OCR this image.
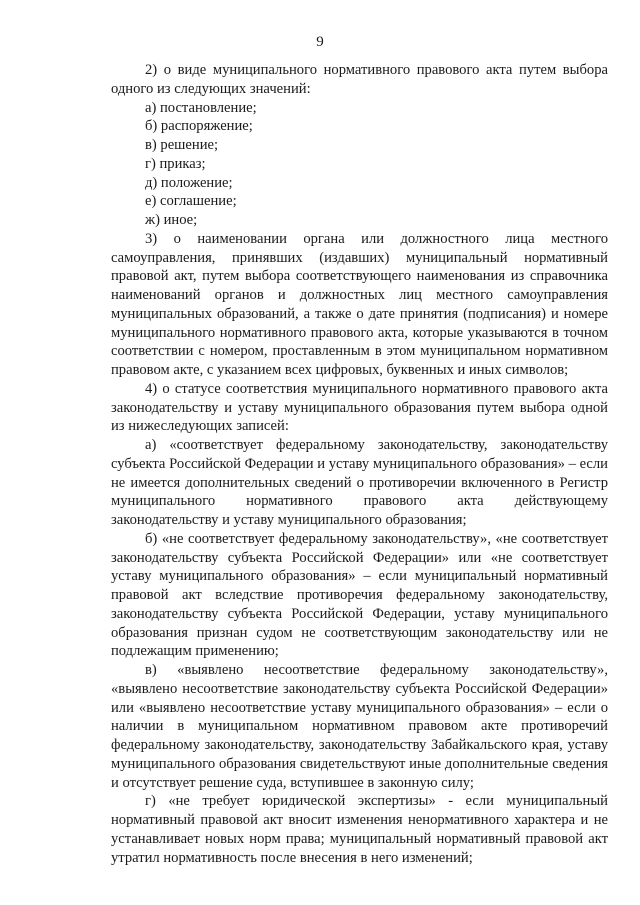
9

2) о виде муниципального нормативного правового акта путем выбора одного из следующих значений:

а) постановление;

б) распоряжение;

в) решение;

г) приказ;

д) положение;

е) соглашение;

ж) иное;

3) о наименовании органа или должностного лица местного самоуправления, принявших (издавших) муниципальный нормативный правовой акт, путем выбора соответствующего наименования из справочника наименований органов и должностных лиц местного самоуправления муниципальных образований, а также о дате принятия (подписания) и номере муниципального нормативного правового акта, которые указываются в точном соответствии с номером, проставленным в этом муниципальном нормативном правовом акте, с указанием всех цифровых, буквенных и иных символов;

4) о статусе соответствия муниципального нормативного правового акта законодательству и уставу муниципального образования путем выбора одной из нижеследующих записей:

а) «соответствует федеральному законодательству, законодательству субъекта Российской Федерации и уставу муниципального образования» – если не имеется дополнительных сведений о противоречии включенного в Регистр муниципального нормативного правового акта действующему законодательству и уставу муниципального образования;

б) «не соответствует федеральному законодательству», «не соответствует законодательству субъекта Российской Федерации» или «не соответствует уставу муниципального образования» – если муниципальный нормативный правовой акт вследствие противоречия федеральному законодательству, законодательству субъекта Российской Федерации, уставу муниципального образования признан судом не соответствующим законодательству или не подлежащим применению;

в) «выявлено несоответствие федеральному законодательству», «выявлено несоответствие законодательству субъекта Российской Федерации» или «выявлено несоответствие уставу муниципального образования» – если о наличии в муниципальном нормативном правовом акте противоречий федеральному законодательству, законодательству Забайкальского края, уставу муниципального образования свидетельствуют иные дополнительные сведения и отсутствует решение суда, вступившее в законную силу;

г) «не требует юридической экспертизы» - если муниципальный нормативный правовой акт вносит изменения ненормативного характера и не устанавливает новых норм права; муниципальный нормативный правовой акт утратил нормативность после внесения в него изменений;
